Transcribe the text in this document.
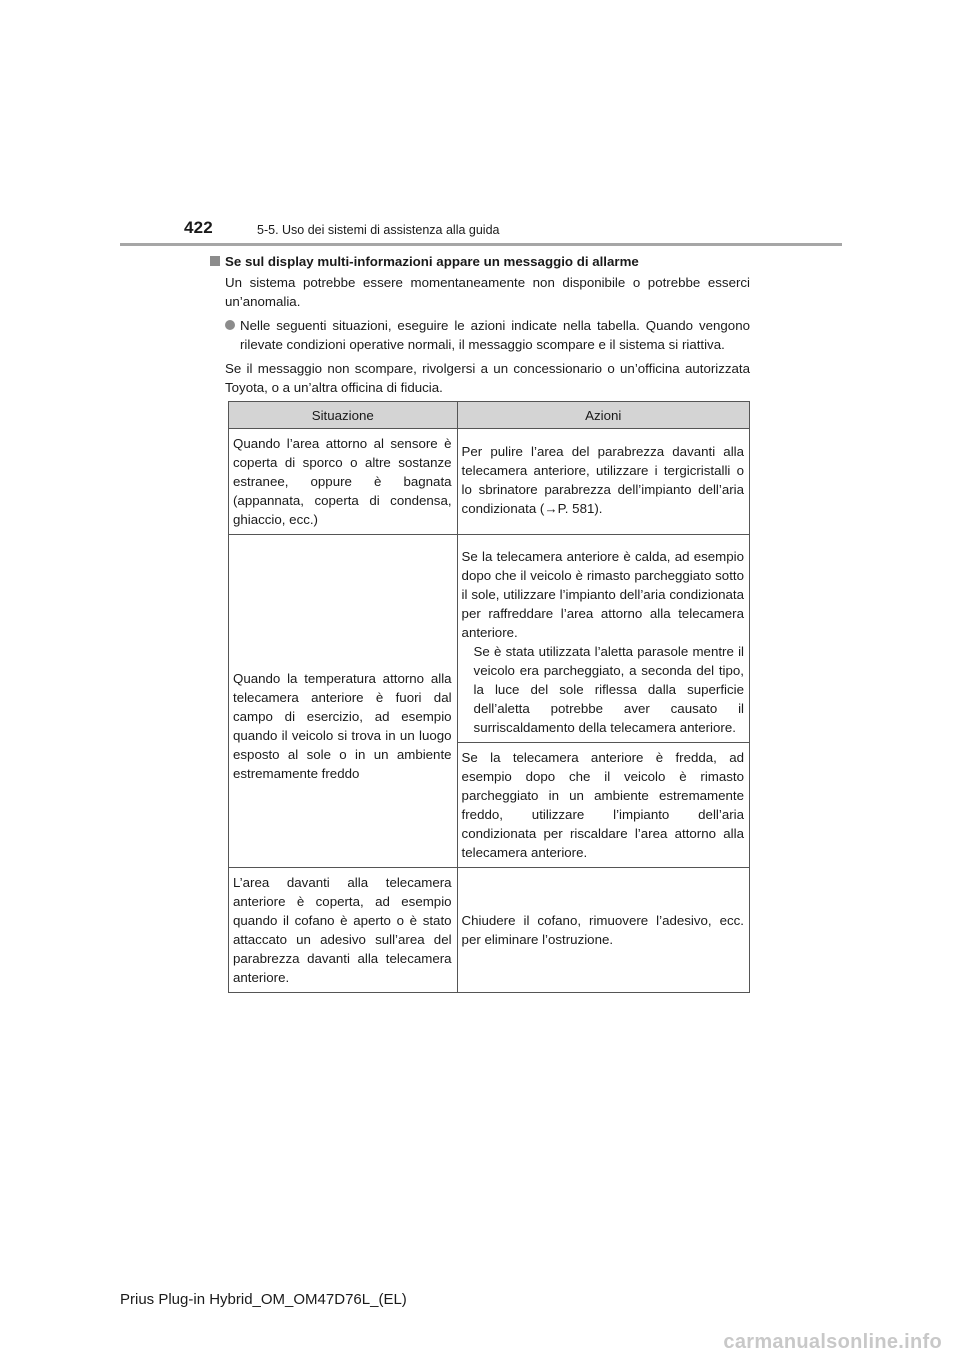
422	5-5. Uso dei sistemi di assistenza alla guida
Se sul display multi-informazioni appare un messaggio di allarme

Un sistema potrebbe essere momentaneamente non disponibile o potrebbe esserci un’anomalia.

Nelle seguenti situazioni, eseguire le azioni indicate nella tabella. Quando vengono rilevate condizioni operative normali, il messaggio scompare e il sistema si riattiva.

Se il messaggio non scompare, rivolgersi a un concessionario o un’officina autorizzata Toyota, o a un’altra officina di fiducia.

Situazione	Azioni
Quando l’area attorno al sensore è coperta di sporco o altre sostanze estranee, oppure è bagnata (appannata, coperta di condensa, ghiaccio, ecc.)	Per pulire l’area del parabrezza davanti alla telecamera anteriore, utilizzare i tergicristalli o lo sbrinatore parabrezza dell’impianto dell’aria condizionata (→P. 581).
Quando la temperatura attorno alla telecamera anteriore è fuori dal campo di esercizio, ad esempio quando il veicolo si trova in un luogo esposto al sole o in un ambiente estremamente freddo	Se la telecamera anteriore è calda, ad esempio dopo che il veicolo è rimasto parcheggiato sotto il sole, utilizzare l’impianto dell’aria condizionata per raffreddare l’area attorno alla telecamera anteriore.
Se è stata utilizzata l’aletta parasole mentre il veicolo era parcheggiato, a seconda del tipo, la luce del sole riflessa dalla superficie dell’aletta potrebbe aver causato il surriscaldamento della telecamera anteriore.

	Se la telecamera anteriore è fredda, ad esempio dopo che il veicolo è rimasto parcheggiato in un ambiente estremamente freddo, utilizzare l’impianto dell’aria condizionata per riscaldare l’area attorno alla telecamera anteriore.
L’area davanti alla telecamera anteriore è coperta, ad esempio quando il cofano è aperto o è stato attaccato un adesivo sull’area del parabrezza davanti alla telecamera anteriore.	Chiudere il cofano, rimuovere l’adesivo, ecc. per eliminare l’ostruzione.
Prius Plug-in Hybrid_OM_OM47D76L_(EL)
carmanualsonline.info
